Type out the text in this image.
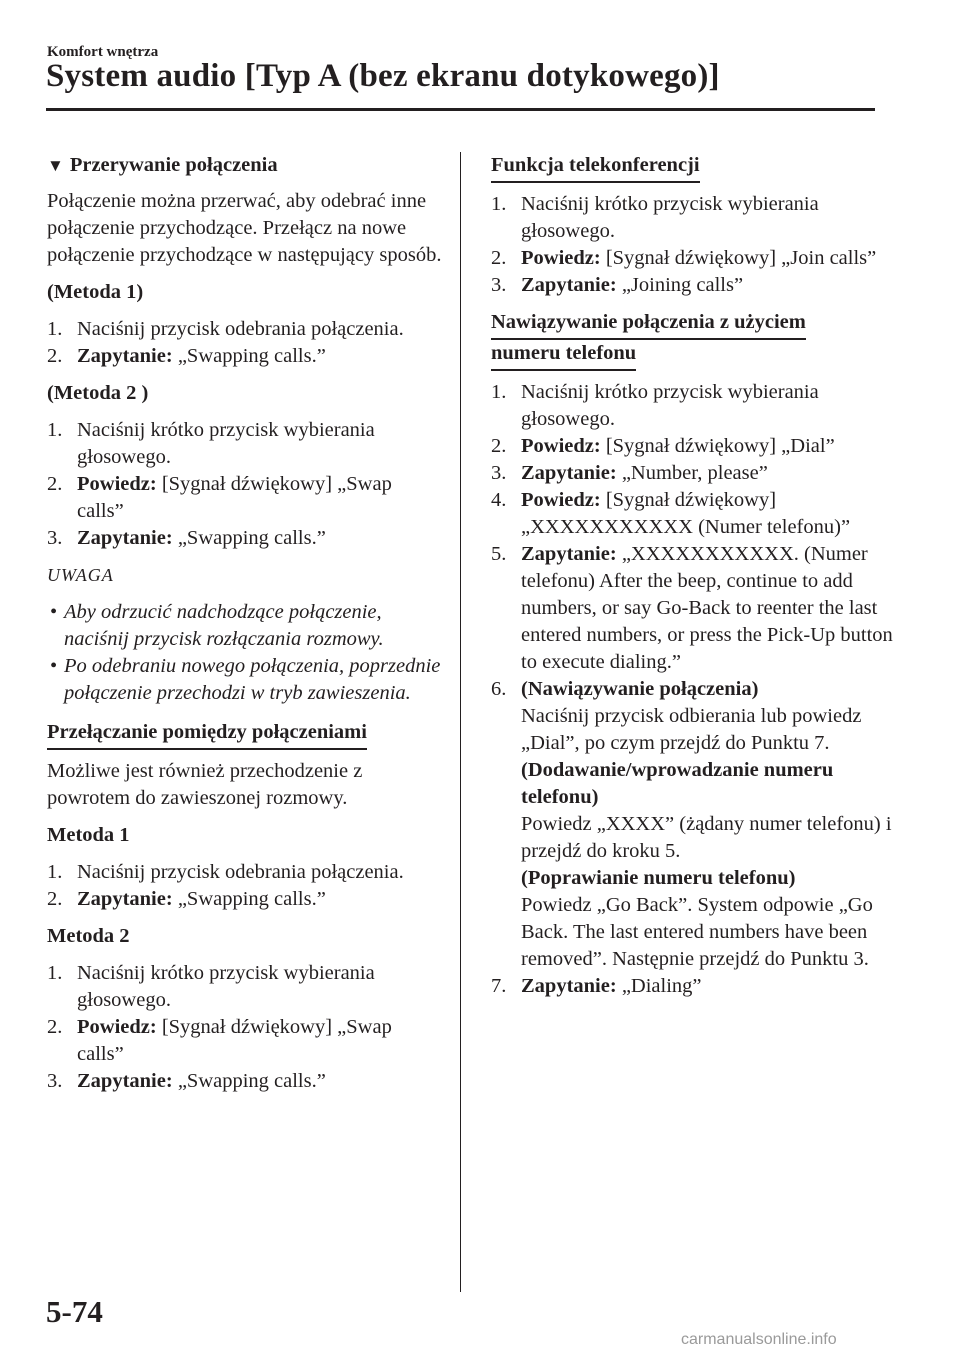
Komfort wnętrza
System audio [Typ A (bez ekranu dotykowego)]

▼ Przerywanie połączenia

Połączenie można przerwać, aby odebrać inne połączenie przychodzące. Przełącz na nowe połączenie przychodzące w następujący sposób.

(Metoda 1)

1. Naciśnij przycisk odebrania połączenia.
2. Zapytanie: „Swapping calls.”

(Metoda 2 )

1. Naciśnij krótko przycisk wybierania głosowego.
2. Powiedz: [Sygnał dźwiękowy] „Swap calls”
3. Zapytanie: „Swapping calls.”

UWAGA

• Aby odrzucić nadchodzące połączenie, naciśnij przycisk rozłączania rozmowy.
• Po odebraniu nowego połączenia, poprzednie połączenie przechodzi w tryb zawieszenia.
Przełączanie pomiędzy połączeniami

Możliwe jest również przechodzenie z powrotem do zawieszonej rozmowy.

Metoda 1

1. Naciśnij przycisk odebrania połączenia.
2. Zapytanie: „Swapping calls.”

Metoda 2

1. Naciśnij krótko przycisk wybierania głosowego.
2. Powiedz: [Sygnał dźwiękowy] „Swap calls”
3. Zapytanie: „Swapping calls.”
Funkcja telekonferencji
1. Naciśnij krótko przycisk wybierania głosowego.
2. Powiedz: [Sygnał dźwiękowy] „Join calls”
3. Zapytanie: „Joining calls”
Nawiązywanie połączenia z użyciem
numeru telefonu
1. Naciśnij krótko przycisk wybierania głosowego.
2. Powiedz: [Sygnał dźwiękowy] „Dial”
3. Zapytanie: „Number, please”
4. Powiedz: [Sygnał dźwiękowy] „XXXXXXXXXXX (Numer telefonu)”
5. Zapytanie: „XXXXXXXXXXX. (Numer telefonu) After the beep, continue to add numbers, or say Go-Back to reenter the last entered numbers, or press the Pick-Up button to execute dialing.”
6. (Nawiązywanie połączenia)
Naciśnij przycisk odbierania lub powiedz „Dial”, po czym przejdź do Punktu 7.
(Dodawanie/wprowadzanie numeru telefonu)
Powiedz „XXXX” (żądany numer telefonu) i przejdź do kroku 5.
(Poprawianie numeru telefonu)
Powiedz „Go Back”. System odpowie „Go Back. The last entered numbers have been removed”. Następnie przejdź do Punktu 3.
7. Zapytanie: „Dialing”
5-74
carmanualsonline.info
